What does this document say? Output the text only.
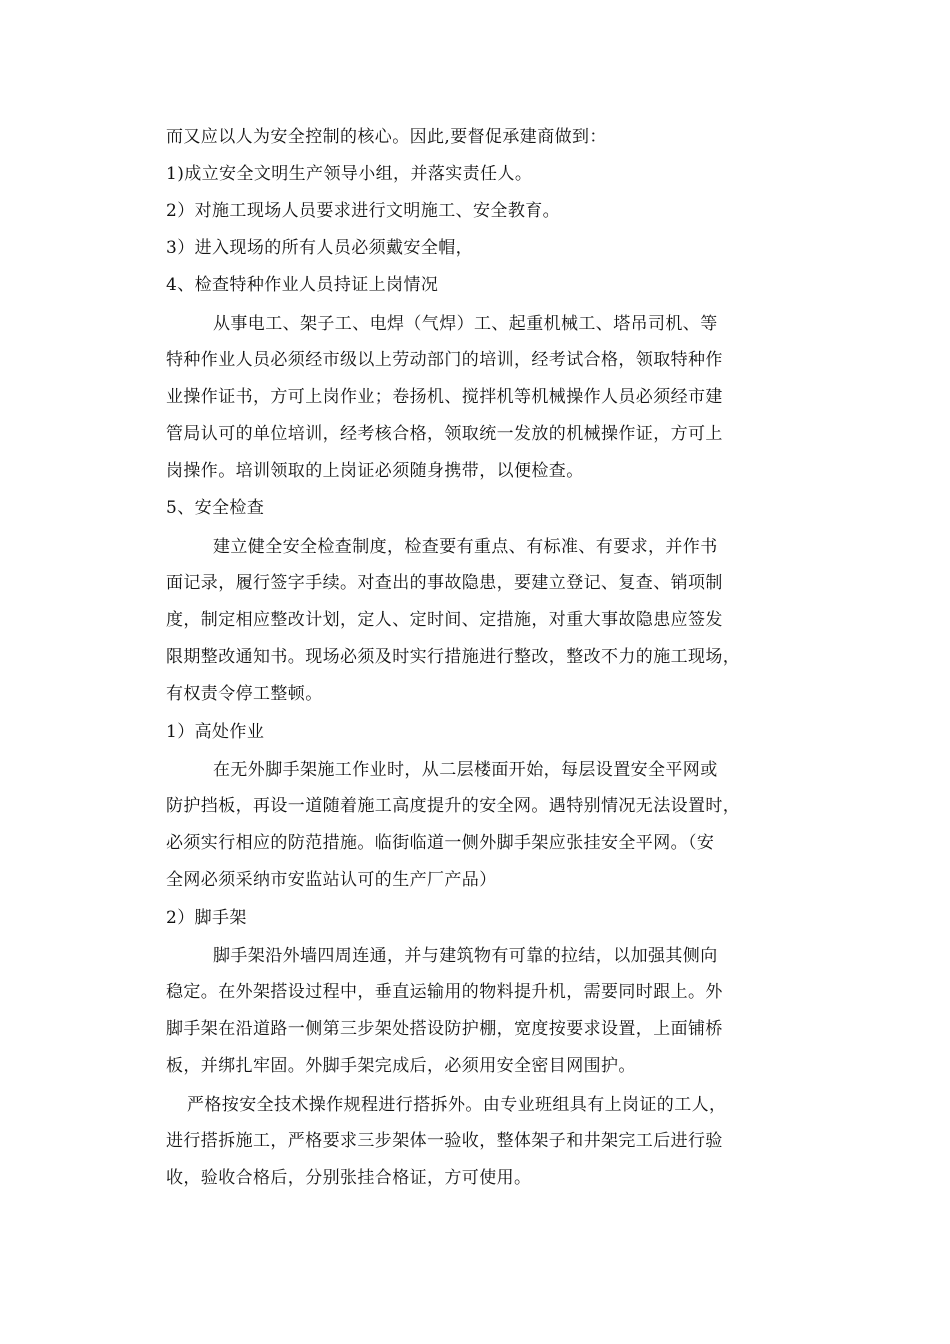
而又应以人为安全控制的核心。因此,要督促承建商做到：
1)成立安全文明生产领导小组，并落实责任人。
2）对施工现场人员要求进行文明施工、安全教育。
3）进入现场的所有人员必须戴安全帽，
4、检查特种作业人员持证上岗情况
从事电工、架子工、电焊（气焊）工、起重机械工、塔吊司机、等
特种作业人员必须经市级以上劳动部门的培训，经考试合格，领取特种作
业操作证书，方可上岗作业；卷扬机、搅拌机等机械操作人员必须经市建
管局认可的单位培训，经考核合格，领取统一发放的机械操作证，方可上
岗操作。培训领取的上岗证必须随身携带，以便检查。
5、安全检查
建立健全安全检查制度，检查要有重点、有标准、有要求，并作书
面记录，履行签字手续。对查出的事故隐患，要建立登记、复查、销项制
度，制定相应整改计划，定人、定时间、定措施，对重大事故隐患应签发
限期整改通知书。现场必须及时实行措施进行整改，整改不力的施工现场，
有权责令停工整顿。
1）高处作业
在无外脚手架施工作业时，从二层楼面开始，每层设置安全平网或
防护挡板，再设一道随着施工高度提升的安全网。遇特别情况无法设置时，
必须实行相应的防范措施。临街临道一侧外脚手架应张挂安全平网。（安
全网必须采纳市安监站认可的生产厂产品）
2）脚手架
脚手架沿外墙四周连通，并与建筑物有可靠的拉结，以加强其侧向
稳定。在外架搭设过程中，垂直运输用的物料提升机，需要同时跟上。外
脚手架在沿道路一侧第三步架处搭设防护棚，宽度按要求设置，上面铺桥
板，并绑扎牢固。外脚手架完成后，必须用安全密目网围护。
严格按安全技术操作规程进行搭拆外。由专业班组具有上岗证的工人，
进行搭拆施工，严格要求三步架体一验收，整体架子和井架完工后进行验
收，验收合格后，分别张挂合格证，方可使用。
